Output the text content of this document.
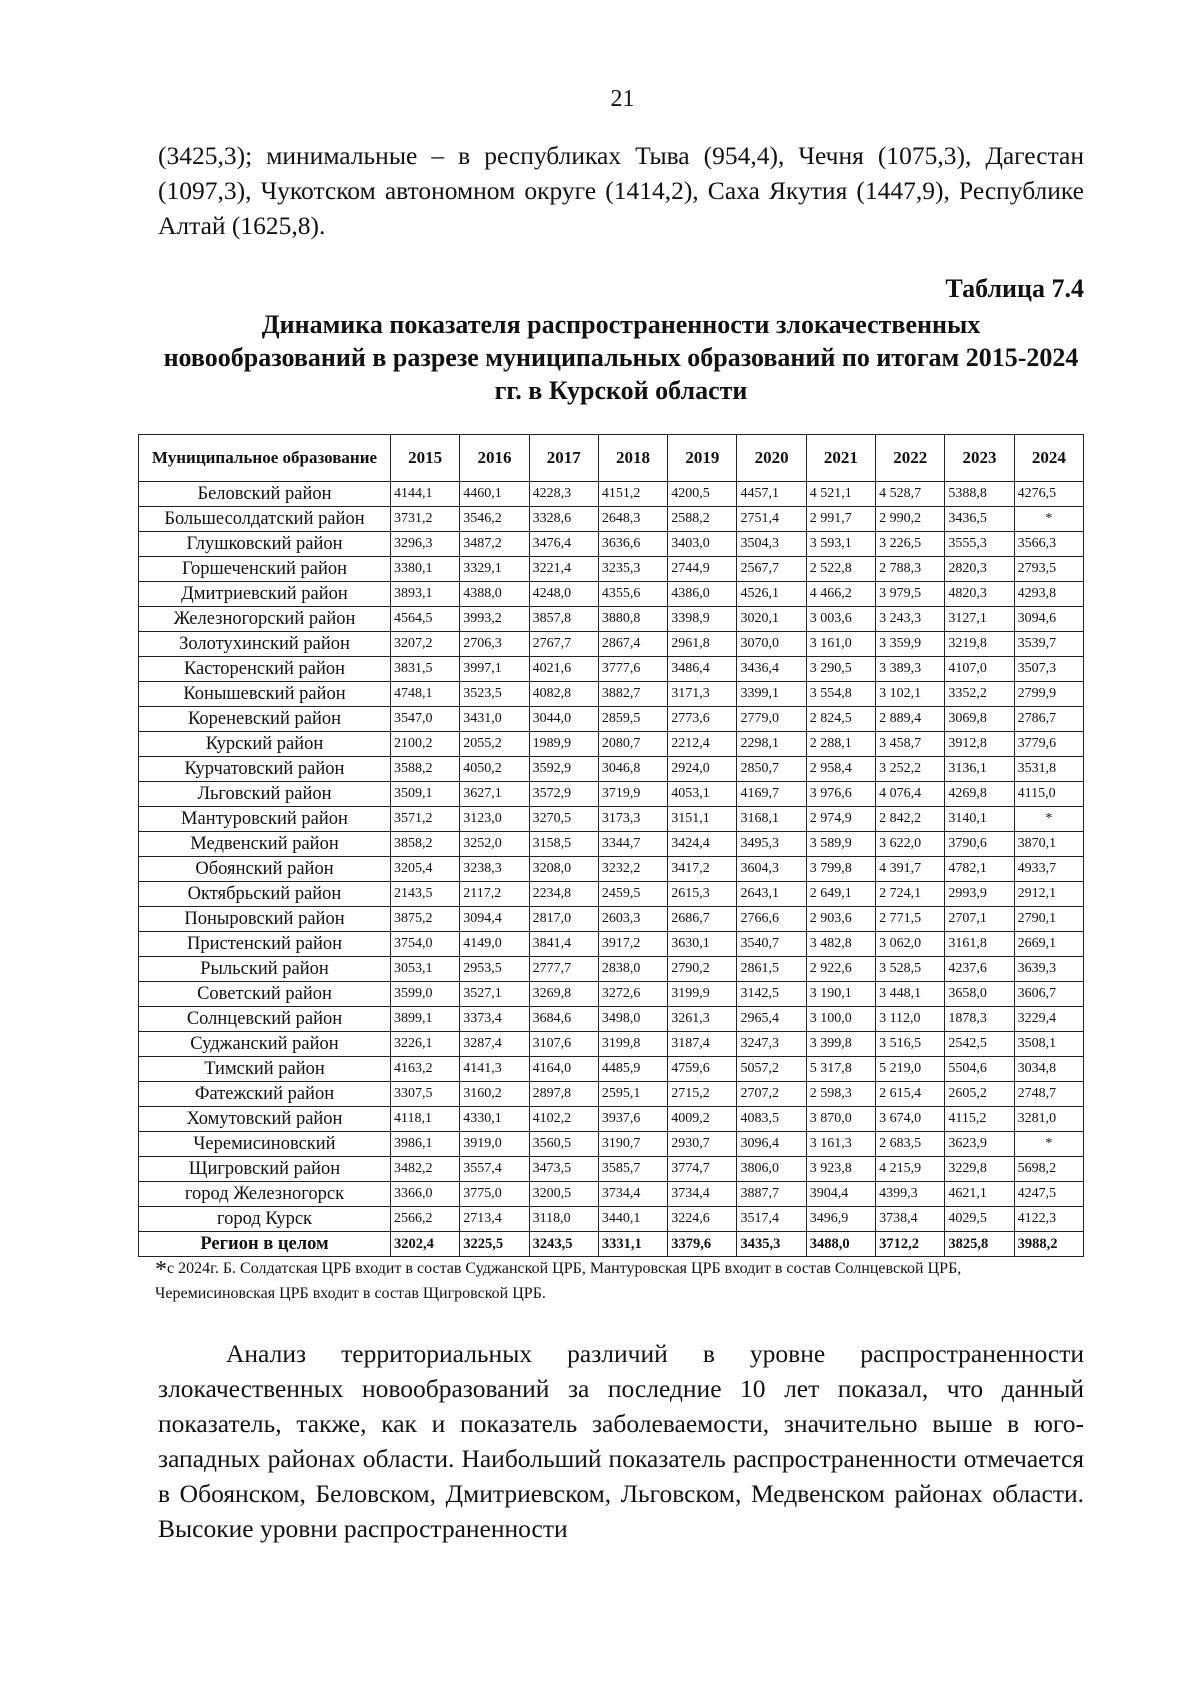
21

(3425,3); минимальные – в республиках Тыва (954,4), Чечня (1075,3), Дагестан (1097,3), Чукотском автономном округе (1414,2), Саха Якутия (1447,9), Республике Алтай (1625,8).

Таблица 7.4
Динамика показателя распространенности злокачественных новообразований в разрезе муниципальных образований по итогам 2015-2024 гг. в Курской области
Муниципальное образование	2015	2016	2017	2018	2019	2020	2021	2022	2023	2024
Беловский район	4144,1	4460,1	4228,3	4151,2	4200,5	4457,1	4 521,1	4 528,7	5388,8	4276,5
Большесолдатский район	3731,2	3546,2	3328,6	2648,3	2588,2	2751,4	2 991,7	2 990,2	3436,5	*
Глушковский район	3296,3	3487,2	3476,4	3636,6	3403,0	3504,3	3 593,1	3 226,5	3555,3	3566,3
Горшеченский район	3380,1	3329,1	3221,4	3235,3	2744,9	2567,7	2 522,8	2 788,3	2820,3	2793,5
Дмитриевский район	3893,1	4388,0	4248,0	4355,6	4386,0	4526,1	4 466,2	3 979,5	4820,3	4293,8
Железногорский район	4564,5	3993,2	3857,8	3880,8	3398,9	3020,1	3 003,6	3 243,3	3127,1	3094,6
Золотухинский район	3207,2	2706,3	2767,7	2867,4	2961,8	3070,0	3 161,0	3 359,9	3219,8	3539,7
Касторенский район	3831,5	3997,1	4021,6	3777,6	3486,4	3436,4	3 290,5	3 389,3	4107,0	3507,3
Конышевский район	4748,1	3523,5	4082,8	3882,7	3171,3	3399,1	3 554,8	3 102,1	3352,2	2799,9
Кореневский район	3547,0	3431,0	3044,0	2859,5	2773,6	2779,0	2 824,5	2 889,4	3069,8	2786,7
Курский район	2100,2	2055,2	1989,9	2080,7	2212,4	2298,1	2 288,1	3 458,7	3912,8	3779,6
Курчатовский район	3588,2	4050,2	3592,9	3046,8	2924,0	2850,7	2 958,4	3 252,2	3136,1	3531,8
Льговский район	3509,1	3627,1	3572,9	3719,9	4053,1	4169,7	3 976,6	4 076,4	4269,8	4115,0
Мантуровский район	3571,2	3123,0	3270,5	3173,3	3151,1	3168,1	2 974,9	2 842,2	3140,1	*
Медвенский район	3858,2	3252,0	3158,5	3344,7	3424,4	3495,3	3 589,9	3 622,0	3790,6	3870,1
Обоянский район	3205,4	3238,3	3208,0	3232,2	3417,2	3604,3	3 799,8	4 391,7	4782,1	4933,7
Октябрьский район	2143,5	2117,2	2234,8	2459,5	2615,3	2643,1	2 649,1	2 724,1	2993,9	2912,1
Поныровский район	3875,2	3094,4	2817,0	2603,3	2686,7	2766,6	2 903,6	2 771,5	2707,1	2790,1
Пристенский район	3754,0	4149,0	3841,4	3917,2	3630,1	3540,7	3 482,8	3 062,0	3161,8	2669,1
Рыльский район	3053,1	2953,5	2777,7	2838,0	2790,2	2861,5	2 922,6	3 528,5	4237,6	3639,3
Советский район	3599,0	3527,1	3269,8	3272,6	3199,9	3142,5	3 190,1	3 448,1	3658,0	3606,7
Солнцевский район	3899,1	3373,4	3684,6	3498,0	3261,3	2965,4	3 100,0	3 112,0	1878,3	3229,4
Суджанский район	3226,1	3287,4	3107,6	3199,8	3187,4	3247,3	3 399,8	3 516,5	2542,5	3508,1
Тимский район	4163,2	4141,3	4164,0	4485,9	4759,6	5057,2	5 317,8	5 219,0	5504,6	3034,8
Фатежский район	3307,5	3160,2	2897,8	2595,1	2715,2	2707,2	2 598,3	2 615,4	2605,2	2748,7
Хомутовский район	4118,1	4330,1	4102,2	3937,6	4009,2	4083,5	3 870,0	3 674,0	4115,2	3281,0
Черемисиновский	3986,1	3919,0	3560,5	3190,7	2930,7	3096,4	3 161,3	2 683,5	3623,9	*
Щигровский район	3482,2	3557,4	3473,5	3585,7	3774,7	3806,0	3 923,8	4 215,9	3229,8	5698,2
город Железногорск	3366,0	3775,0	3200,5	3734,4	3734,4	3887,7	3904,4	4399,3	4621,1	4247,5
город Курск	2566,2	2713,4	3118,0	3440,1	3224,6	3517,4	3496,9	3738,4	4029,5	4122,3
Регион в целом	3202,4	3225,5	3243,5	3331,1	3379,6	3435,3	3488,0	3712,2	3825,8	3988,2

*с 2024г. Б. Солдатская ЦРБ входит в состав Суджанской ЦРБ, Мантуровская ЦРБ входит в состав Солнцевской ЦРБ, Черемисиновская ЦРБ входит в состав Щигровской ЦРБ.

Анализ территориальных различий в уровне распространенности злокачественных новообразований за последние 10 лет показал, что данный показатель, также, как и показатель заболеваемости, значительно выше в юго-западных районах области. Наибольший показатель распространенности отмечается в Обоянском, Беловском, Дмитриевском, Льговском, Медвенском районах области. Высокие уровни распространенности
